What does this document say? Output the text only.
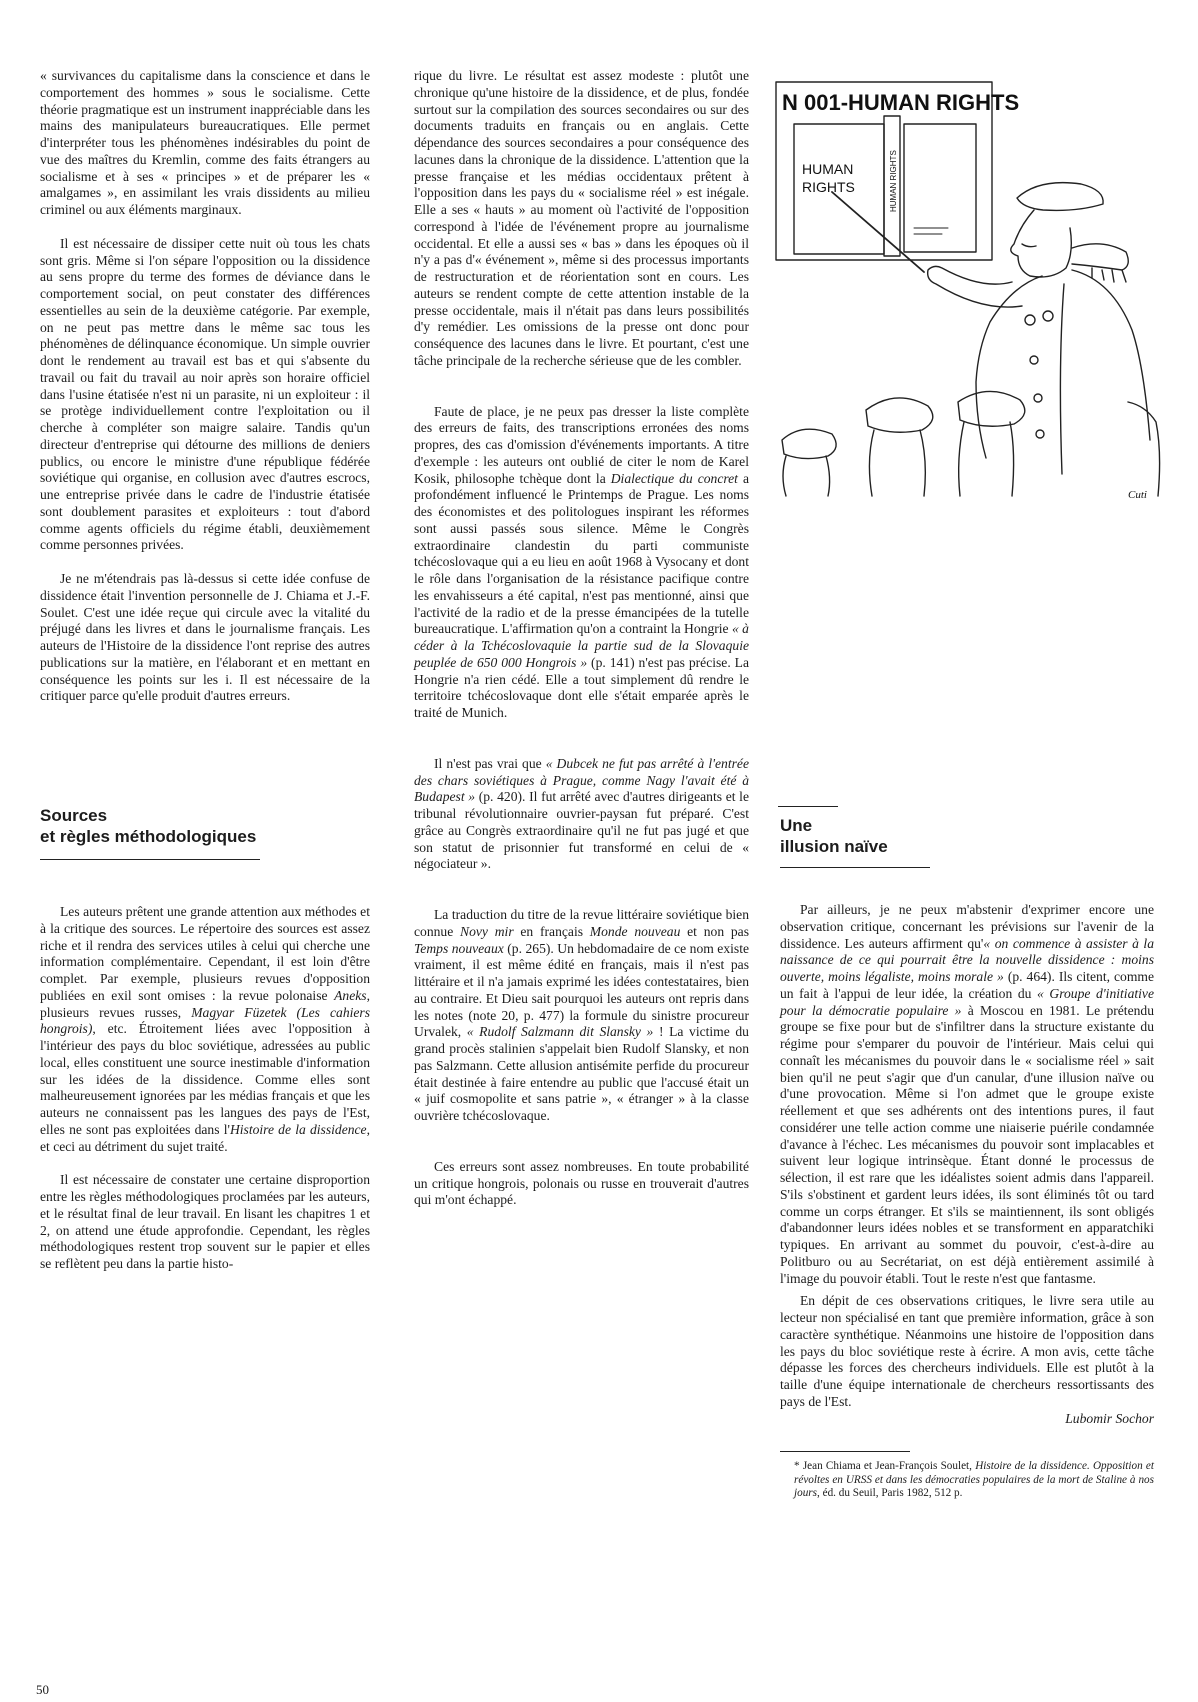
« survivances du capitalisme dans la conscience et dans le comportement des hommes » sous le socialisme. Cette théorie pragmatique est un instrument inappréciable dans les mains des manipulateurs bureaucratiques. Elle permet d'interpréter tous les phénomènes indésirables du point de vue des maîtres du Kremlin, comme des faits étrangers au socialisme et à ses « principes » et de préparer les « amalgames », en assimilant les vrais dissidents au milieu criminel ou aux éléments marginaux.

Il est nécessaire de dissiper cette nuit où tous les chats sont gris. Même si l'on sépare l'opposition ou la dissidence au sens propre du terme des formes de déviance dans le comportement social, on peut constater des différences essentielles au sein de la deuxième catégorie. Par exemple, on ne peut pas mettre dans le même sac tous les phénomènes de délinquance économique. Un simple ouvrier dont le rendement au travail est bas et qui s'absente du travail ou fait du travail au noir après son horaire officiel dans l'usine étatisée n'est ni un parasite, ni un exploiteur : il se protège individuellement contre l'exploitation ou il cherche à compléter son maigre salaire. Tandis qu'un directeur d'entreprise qui détourne des millions de deniers publics, ou encore le ministre d'une république fédérée soviétique qui organise, en collusion avec d'autres escrocs, une entreprise privée dans le cadre de l'industrie étatisée sont doublement parasites et exploiteurs : tout d'abord comme agents officiels du régime établi, deuxièmement comme personnes privées.

Je ne m'étendrais pas là-dessus si cette idée confuse de dissidence était l'invention personnelle de J. Chiama et J.-F. Soulet. C'est une idée reçue qui circule avec la vitalité du préjugé dans les livres et dans le journalisme français. Les auteurs de l'Histoire de la dissidence l'ont reprise des autres publications sur la matière, en l'élaborant et en mettant en conséquence les points sur les i. Il est nécessaire de la critiquer parce qu'elle produit d'autres erreurs.

Sources
et règles méthodologiques

Les auteurs prêtent une grande attention aux méthodes et à la critique des sources. Le répertoire des sources est assez riche et il rendra des services utiles à celui qui cherche une information complémentaire. Cependant, il est loin d'être complet. Par exemple, plusieurs revues d'opposition publiées en exil sont omises : la revue polonaise Aneks, plusieurs revues russes, Magyar Füzetek (Les cahiers hongrois), etc. Étroitement liées avec l'opposition à l'intérieur des pays du bloc soviétique, adressées au public local, elles constituent une source inestimable d'information sur les idées de la dissidence. Comme elles sont malheureusement ignorées par les médias français et que les auteurs ne connaissent pas les langues des pays de l'Est, elles ne sont pas exploitées dans l'Histoire de la dissidence, et ceci au détriment du sujet traité.

Il est nécessaire de constater une certaine disproportion entre les règles méthodologiques proclamées par les auteurs, et le résultat final de leur travail. En lisant les chapitres 1 et 2, on attend une étude approfondie. Cependant, les règles méthodologiques restent trop souvent sur le papier et elles se reflètent peu dans la partie histo-

rique du livre. Le résultat est assez modeste : plutôt une chronique qu'une histoire de la dissidence, et de plus, fondée surtout sur la compilation des sources secondaires ou sur des documents traduits en français ou en anglais. Cette dépendance des sources secondaires a pour conséquence des lacunes dans la chronique de la dissidence. L'attention que la presse française et les médias occidentaux prêtent à l'opposition dans les pays du « socialisme réel » est inégale. Elle a ses « hauts » au moment où l'activité de l'opposition correspond à l'idée de l'événement propre au journalisme occidental. Et elle a aussi ses « bas » dans les époques où il n'y a pas d'« événement », même si des processus importants de restructuration et de réorientation sont en cours. Les auteurs se rendent compte de cette attention instable de la presse occidentale, mais il n'était pas dans leurs possibilités d'y remédier. Les omissions de la presse ont donc pour conséquence des lacunes dans le livre. Et pourtant, c'est une tâche principale de la recherche sérieuse que de les combler.

Faute de place, je ne peux pas dresser la liste complète des erreurs de faits, des transcriptions erronées des noms propres, des cas d'omission d'événements importants. A titre d'exemple : les auteurs ont oublié de citer le nom de Karel Kosik, philosophe tchèque dont la Dialectique du concret a profondément influencé le Printemps de Prague. Les noms des économistes et des politologues inspirant les réformes sont aussi passés sous silence. Même le Congrès extraordinaire clandestin du parti communiste tchécoslovaque qui a eu lieu en août 1968 à Vysocany et dont le rôle dans l'organisation de la résistance pacifique contre les envahisseurs a été capital, n'est pas mentionné, ainsi que l'activité de la radio et de la presse émancipées de la tutelle bureaucratique. L'affirmation qu'on a contraint la Hongrie « à céder à la Tchécoslovaquie la partie sud de la Slovaquie peuplée de 650 000 Hongrois » (p. 141) n'est pas précise. La Hongrie n'a rien cédé. Elle a tout simplement dû rendre le territoire tchécoslovaque dont elle s'était emparée après le traité de Munich.

Il n'est pas vrai que « Dubcek ne fut pas arrêté à l'entrée des chars soviétiques à Prague, comme Nagy l'avait été à Budapest » (p. 420). Il fut arrêté avec d'autres dirigeants et le tribunal révolutionnaire ouvrier-paysan fut préparé. C'est grâce au Congrès extraordinaire qu'il ne fut pas jugé et que son statut de prisonnier fut transformé en celui de « négociateur ».

La traduction du titre de la revue littéraire soviétique bien connue Novy mir en français Monde nouveau et non pas Temps nouveaux (p. 265). Un hebdomadaire de ce nom existe vraiment, il est même édité en français, mais il n'est pas littéraire et il n'a jamais exprimé les idées contestataires, bien au contraire. Et Dieu sait pourquoi les auteurs ont repris dans les notes (note 20, p. 477) la formule du sinistre procureur Urvalek, « Rudolf Salzmann dit Slansky » ! La victime du grand procès stalinien s'appelait bien Rudolf Slansky, et non pas Salzmann. Cette allusion antisémite perfide du procureur était destinée à faire entendre au public que l'accusé était un « juif cosmopolite et sans patrie », « étranger » à la classe ouvrière tchécoslovaque.

Ces erreurs sont assez nombreuses. En toute probabilité un critique hongrois, polonais ou russe en trouverait d'autres qui m'ont échappé.

N 001-HUMAN RIGHTS
HUMAN
RIGHTS	HUMAN RIGHTS
Cuti
Une
illusion naïve

Par ailleurs, je ne peux m'abstenir d'exprimer encore une observation critique, concernant les prévisions sur l'avenir de la dissidence. Les auteurs affirment qu'« on commence à assister à la naissance de ce qui pourrait être la nouvelle dissidence : moins ouverte, moins légaliste, moins morale » (p. 464). Ils citent, comme un fait à l'appui de leur idée, la création du « Groupe d'initiative pour la démocratie populaire » à Moscou en 1981. Le prétendu groupe se fixe pour but de s'infiltrer dans la structure existante du régime pour s'emparer du pouvoir de l'intérieur. Mais celui qui connaît les mécanismes du pouvoir dans le « socialisme réel » sait bien qu'il ne peut s'agir que d'un canular, d'une illusion naïve ou d'une provocation. Même si l'on admet que le groupe existe réellement et que ses adhérents ont des intentions pures, il faut considérer une telle action comme une niaiserie puérile condamnée d'avance à l'échec. Les mécanismes du pouvoir sont implacables et suivent leur logique intrinsèque. Étant donné le processus de sélection, il est rare que les idéalistes soient admis dans l'appareil. S'ils s'obstinent et gardent leurs idées, ils sont éliminés tôt ou tard comme un corps étranger. Et s'ils se maintiennent, ils sont obligés d'abandonner leurs idées nobles et se transforment en apparatchiki typiques. En arrivant au sommet du pouvoir, c'est-à-dire au Politburo ou au Secrétariat, on est déjà entièrement assimilé à l'image du pouvoir établi. Tout le reste n'est que fantasme.

En dépit de ces observations critiques, le livre sera utile au lecteur non spécialisé en tant que première information, grâce à son caractère synthétique. Néanmoins une histoire de l'opposition dans les pays du bloc soviétique reste à écrire. A mon avis, cette tâche dépasse les forces des chercheurs individuels. Elle est plutôt à la taille d'une équipe internationale de chercheurs ressortissants des pays de l'Est.

Lubomir Sochor

* Jean Chiama et Jean-François Soulet, Histoire de la dissidence. Opposition et révoltes en URSS et dans les démocraties populaires de la mort de Staline à nos jours, éd. du Seuil, Paris 1982, 512 p.

50
